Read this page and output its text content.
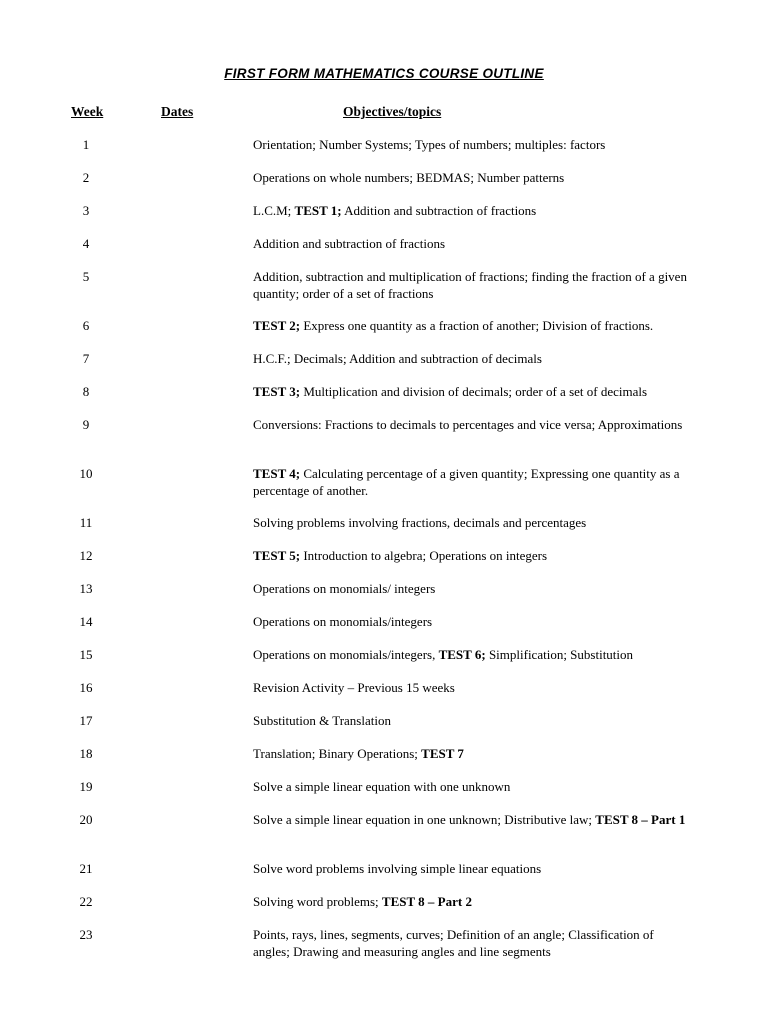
FIRST FORM MATHEMATICS COURSE OUTLINE
Week	Dates	Objectives/topics
1	Orientation; Number Systems; Types of numbers; multiples: factors
2	Operations on whole numbers; BEDMAS; Number patterns
3	L.C.M; TEST 1; Addition and subtraction of fractions
4	Addition and subtraction of fractions
5	Addition, subtraction and multiplication of fractions; finding the fraction of a given quantity; order of a set of fractions
6	TEST 2; Express one quantity as a fraction of another; Division of fractions.
7	H.C.F.; Decimals; Addition and subtraction of decimals
8	TEST 3; Multiplication and division of decimals; order of a set of decimals
9	Conversions: Fractions to decimals to percentages and vice versa; Approximations
10	TEST 4; Calculating percentage of a given quantity; Expressing one quantity as a percentage of another.
11	Solving problems involving fractions, decimals and percentages
12	TEST 5; Introduction to algebra; Operations on integers
13	Operations on monomials/ integers
14	Operations on monomials/integers
15	Operations on monomials/integers, TEST 6; Simplification; Substitution
16	Revision Activity – Previous 15 weeks
17	Substitution & Translation
18	Translation; Binary Operations; TEST 7
19	Solve a simple linear equation with one unknown
20	Solve a simple linear equation in one unknown; Distributive law; TEST 8 – Part 1
21	Solve word problems involving simple linear equations
22	Solving word problems; TEST 8 – Part 2
23	Points, rays, lines, segments, curves; Definition of an angle; Classification of angles; Drawing and measuring angles and line segments
